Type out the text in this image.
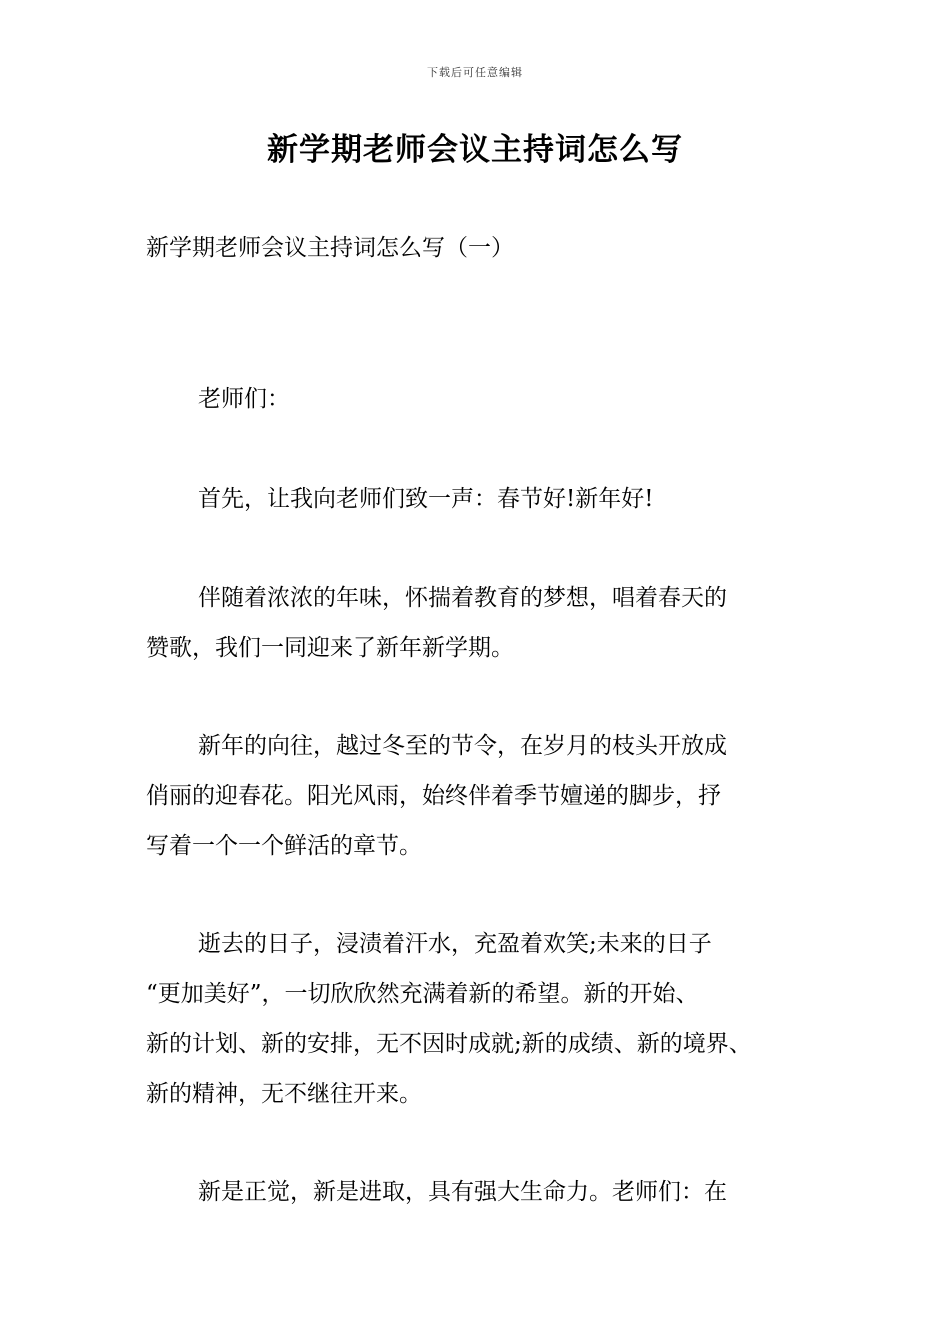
下载后可任意编辑
新学期老师会议主持词怎么写
新学期老师会议主持词怎么写（一）
老师们：
首先，让我向老师们致一声：春节好!新年好!
伴随着浓浓的年味，怀揣着教育的梦想，唱着春天的
赞歌，我们一同迎来了新年新学期。
新年的向往，越过冬至的节令，在岁月的枝头开放成
俏丽的迎春花。阳光风雨，始终伴着季节嬗递的脚步，抒
写着一个一个鲜活的章节。
逝去的日子，浸渍着汗水，充盈着欢笑;未来的日子
“更加美好”，一切欣欣然充满着新的希望。新的开始、
新的计划、新的安排，无不因时成就;新的成绩、新的境界、
新的精神，无不继往开来。
新是正觉，新是进取，具有强大生命力。老师们：在
